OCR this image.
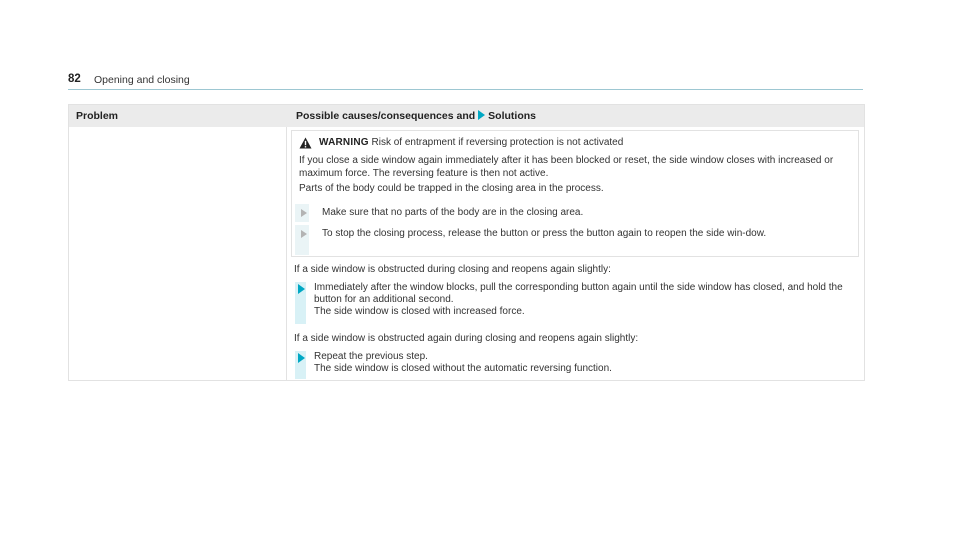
82 Opening and closing
Problem	Possible causes/consequences and Solutions
WARNING Risk of entrapment if reversing protection is not activated
If you close a side window again immediately after it has been blocked or reset, the side window closes with increased or maximum force. The reversing feature is then not active.
Parts of the body could be trapped in the closing area in the process.
Make sure that no parts of the body are in the closing area.
To stop the closing process, release the button or press the button again to reopen the side win-dow.
If a side window is obstructed during closing and reopens again slightly:
Immediately after the window blocks, pull the corresponding button again until the side window has closed, and hold the button for an additional second.
The side window is closed with increased force.
If a side window is obstructed again during closing and reopens again slightly:
Repeat the previous step.
The side window is closed without the automatic reversing function.
